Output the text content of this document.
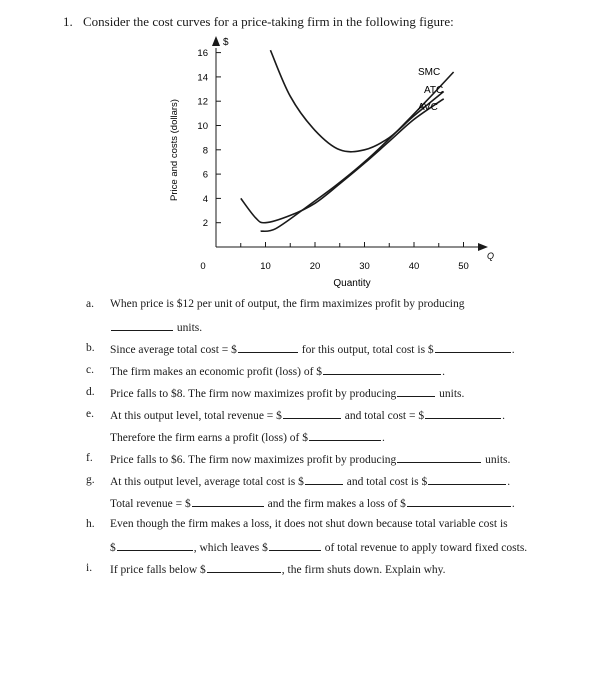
1. Consider the cost curves for a price-taking firm in the following figure:
$
Q
Quantity
Price and costs (dollars)
2
4
6
8
10
12
14
16
0	10	20	30	40	50
SMC
ATC
AVC
a. When price is $12 per unit of output, the firm maximizes profit by producing
units.
b. Since average total cost = $	for this output, total cost is $	.
c. The firm makes an economic profit (loss) of $	.
d. Price falls to $8. The firm now maximizes profit by producing	units.
e. At this output level, total revenue = $	and total cost = $	.
Therefore the firm earns a profit (loss) of $	.
f. Price falls to $6. The firm now maximizes profit by producing	units.
g. At this output level, average total cost is $	and total cost is $	.
Total revenue = $	and the firm makes a loss of $	.
h. Even though the firm makes a loss, it does not shut down because total variable cost is
$	, which leaves $	of total revenue to apply toward fixed costs.
i. If price falls below $	, the firm shuts down. Explain why.
